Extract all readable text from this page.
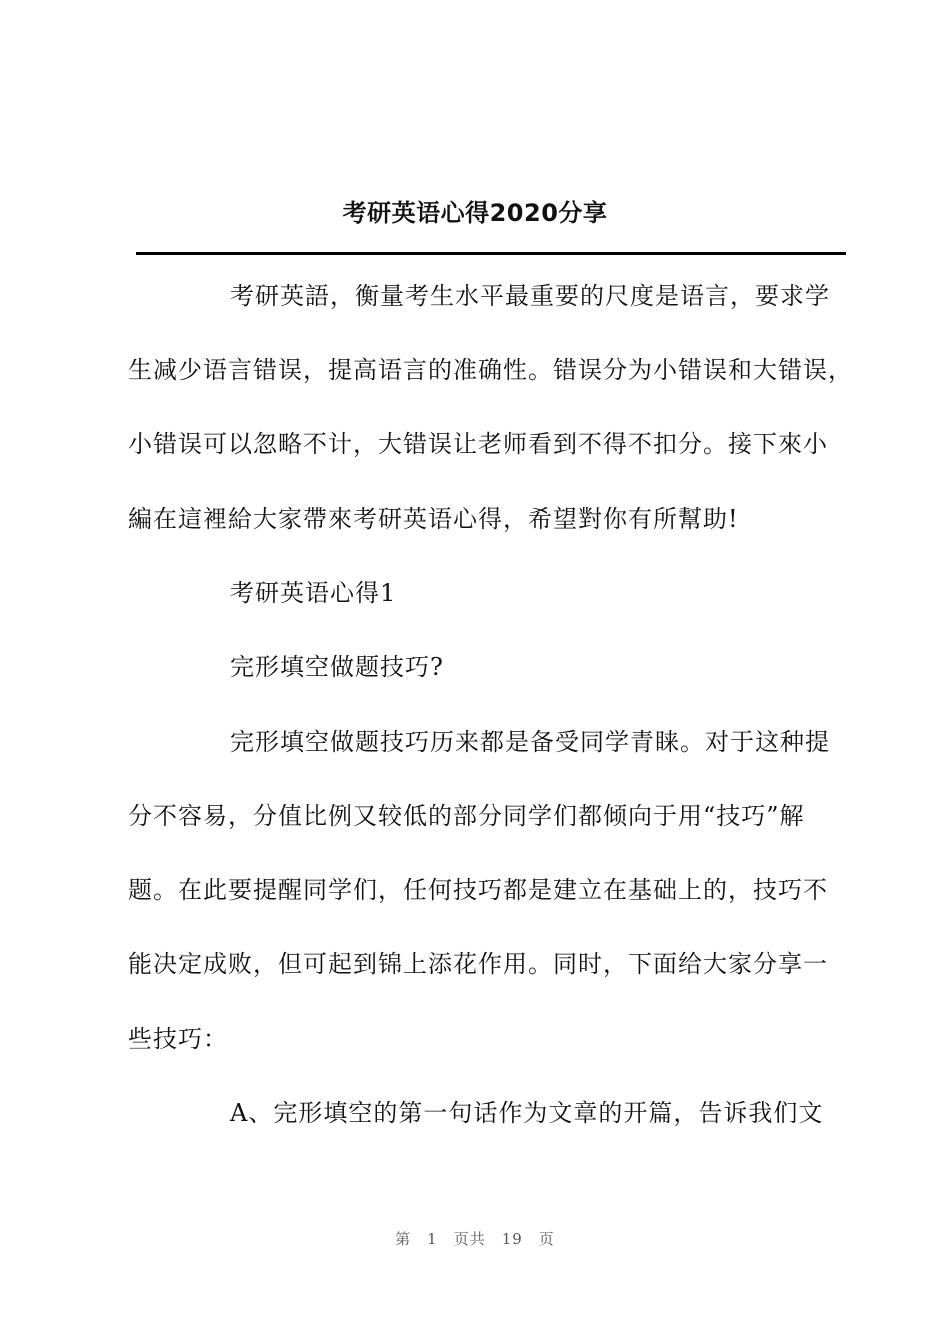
考研英语心得2020分享
考研英語，衡量考生水平最重要的尺度是语言，要求学
生减少语言错误，提高语言的准确性。错误分为小错误和大错误，
小错误可以忽略不计，大错误让老师看到不得不扣分。接下來小
編在這裡給大家帶來考研英语心得，希望對你有所幫助!
考研英语心得1
完形填空做题技巧?
完形填空做题技巧历来都是备受同学青睐。对于这种提
分不容易，分值比例又较低的部分同学们都倾向于用“技巧”解
题。在此要提醒同学们，任何技巧都是建立在基础上的，技巧不
能决定成败，但可起到锦上添花作用。同时，下面给大家分享一
些技巧：
A、完形填空的第一句话作为文章的开篇，告诉我们文
第　1　页共　19　页
